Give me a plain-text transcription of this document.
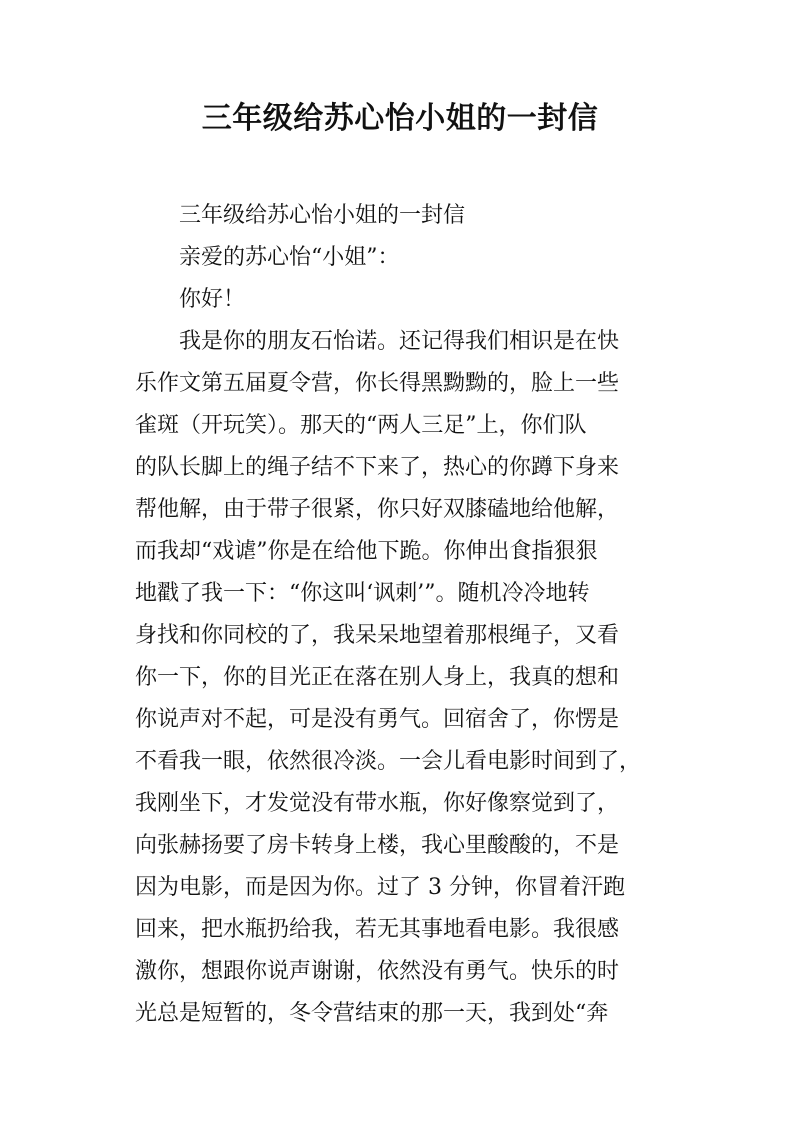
三年级给苏心怡小姐的一封信

三年级给苏心怡小姐的一封信

亲爱的苏心怡“小姐”：

你好！

我是你的朋友石怡诺。还记得我们相识是在快
乐作文第五届夏令营，你长得黑黝黝的，脸上一些
雀斑（开玩笑）。那天的“两人三足”上，你们队
的队长脚上的绳子结不下来了，热心的你蹲下身来
帮他解，由于带子很紧，你只好双膝磕地给他解，
而我却“戏谑”你是在给他下跪。你伸出食指狠狠
地戳了我一下：“你这叫‘讽刺’”。随机冷冷地转
身找和你同校的了，我呆呆地望着那根绳子，又看
你一下，你的目光正在落在别人身上，我真的想和
你说声对不起，可是没有勇气。回宿舍了，你愣是
不看我一眼，依然很冷淡。一会儿看电影时间到了，
我刚坐下，才发觉没有带水瓶，你好像察觉到了，
向张赫扬要了房卡转身上楼，我心里酸酸的，不是
因为电影，而是因为你。过了 3 分钟，你冒着汗跑
回来，把水瓶扔给我，若无其事地看电影。我很感
激你，想跟你说声谢谢，依然没有勇气。快乐的时
光总是短暂的，冬令营结束的那一天，我到处“奔
